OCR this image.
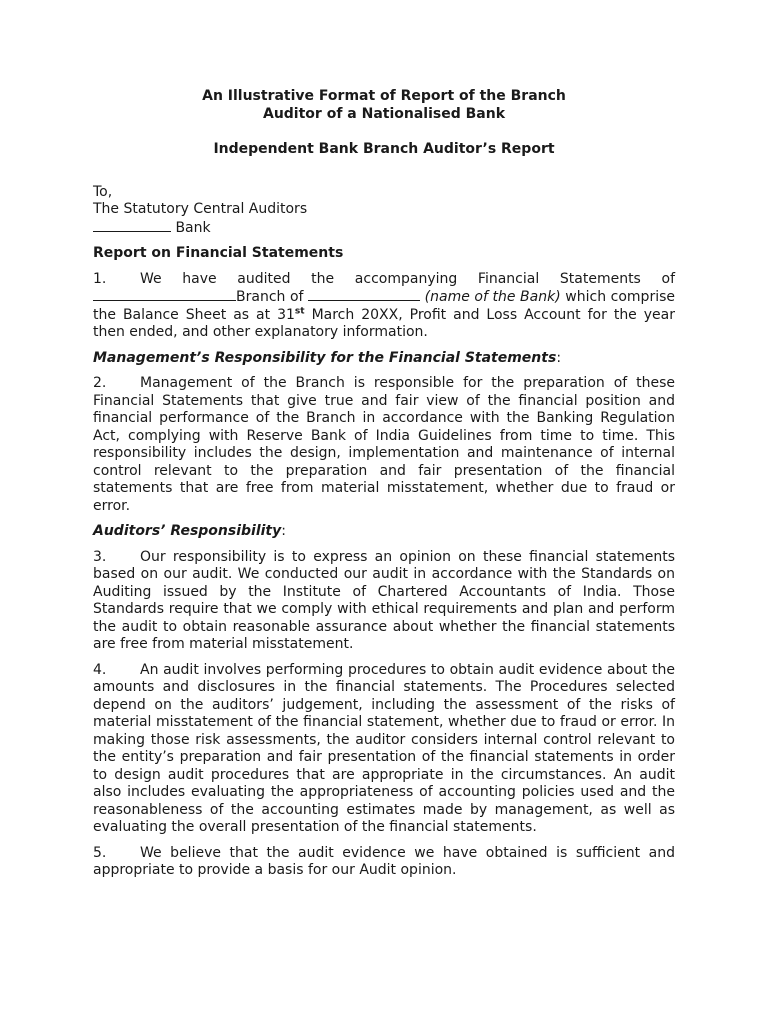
An Illustrative Format of Report of the Branch
Auditor of a Nationalised Bank
Independent Bank Branch Auditor’s Report
To,
The Statutory Central Auditors
Bank
Report on Financial Statements

1. We have audited the accompanying Financial Statements of Branch of	(name of the Bank) which comprise the Balance Sheet as at 31st March 20XX, Profit and Loss Account for the year then ended, and other explanatory information.

Management’s Responsibility for the Financial Statements:

2. Management of the Branch is responsible for the preparation of these Financial Statements that give true and fair view of the financial position and financial performance of the Branch in accordance with the Banking Regulation Act, complying with Reserve Bank of India Guidelines from time to time. This responsibility includes the design, implementation and maintenance of internal control relevant to the preparation and fair presentation of the financial statements that are free from material misstatement, whether due to fraud or error.

Auditors’ Responsibility:

3. Our responsibility is to express an opinion on these financial statements based on our audit. We conducted our audit in accordance with the Standards on Auditing issued by the Institute of Chartered Accountants of India. Those Standards require that we comply with ethical requirements and plan and perform the audit to obtain reasonable assurance about whether the financial statements are free from material misstatement.

4. An audit involves performing procedures to obtain audit evidence about the amounts and disclosures in the financial statements. The Procedures selected depend on the auditors’ judgement, including the assessment of the risks of material misstatement of the financial statement, whether due to fraud or error. In making those risk assessments, the auditor considers internal control relevant to the entity’s preparation and fair presentation of the financial statements in order to design audit procedures that are appropriate in the circumstances. An audit also includes evaluating the appropriateness of accounting policies used and the reasonableness of the accounting estimates made by management, as well as evaluating the overall presentation of the financial statements.

5. We believe that the audit evidence we have obtained is sufficient and appropriate to provide a basis for our Audit opinion.
